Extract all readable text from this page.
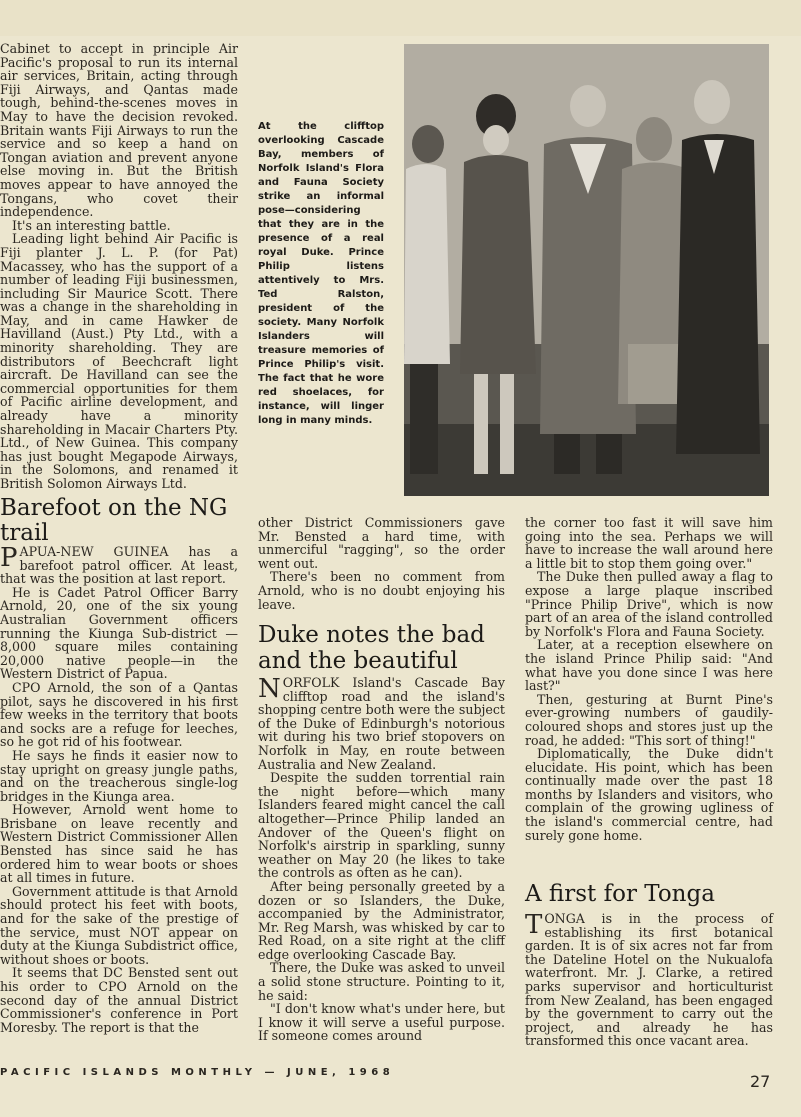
Cabinet to accept in principle Air Pacific's proposal to run its internal air services, Britain, acting through Fiji Airways, and Qantas made tough, behind-the-scenes moves in May to have the decision revoked. Britain wants Fiji Airways to run the service and so keep a hand on Tongan aviation and prevent anyone else moving in. But the British moves appear to have annoyed the Tongans, who covet their independence.

It's an interesting battle.

Leading light behind Air Pacific is Fiji planter J. L. P. (for Pat) Macassey, who has the support of a number of leading Fiji businessmen, including Sir Maurice Scott. There was a change in the shareholding in May, and in came Hawker de Havilland (Aust.) Pty Ltd., with a minority shareholding. They are distributors of Beechcraft light aircraft. De Havilland can see the commercial opportunities for them of Pacific airline development, and already have a minority shareholding in Macair Charters Pty. Ltd., of New Guinea. This company has just bought Megapode Airways, in the Solomons, and renamed it British Solomon Airways Ltd.

Barefoot on the NG trail

PAPUA-NEW GUINEA has a barefoot patrol officer. At least, that was the position at last report.

He is Cadet Patrol Officer Barry Arnold, 20, one of the six young Australian Government officers running the Kiunga Sub-district — 8,000 square miles containing 20,000 native people—in the Western District of Papua.

CPO Arnold, the son of a Qantas pilot, says he discovered in his first few weeks in the territory that boots and socks are a refuge for leeches, so he got rid of his footwear.

He says he finds it easier now to stay upright on greasy jungle paths, and on the treacherous single-log bridges in the Kiunga area.

However, Arnold went home to Brisbane on leave recently and Western District Commissioner Allen Bensted has since said he has ordered him to wear boots or shoes at all times in future.

Government attitude is that Arnold should protect his feet with boots, and for the sake of the prestige of the service, must NOT appear on duty at the Kiunga Subdistrict office, without shoes or boots.

It seems that DC Bensted sent out his order to CPO Arnold on the second day of the annual District Commissioner's conference in Port Moresby. The report is that the

At the clifftop overlooking Cascade Bay, members of Norfolk Island's Flora and Fauna Society strike an informal pose—considering that they are in the presence of a real royal Duke. Prince Philip listens attentively to Mrs. Ted Ralston, president of the society. Many Norfolk Islanders will treasure memories of Prince Philip's visit. The fact that he wore red shoelaces, for instance, will linger long in many minds.

other District Commissioners gave Mr. Bensted a hard time, with unmerciful "ragging", so the order went out.

There's been no comment from Arnold, who is no doubt enjoying his leave.

Duke notes the bad and the beautiful

NORFOLK Island's Cascade Bay clifftop road and the island's shopping centre both were the subject of the Duke of Edinburgh's notorious wit during his two brief stopovers on Norfolk in May, en route between Australia and New Zealand.

Despite the sudden torrential rain the night before—which many Islanders feared might cancel the call altogether—Prince Philip landed an Andover of the Queen's flight on Norfolk's airstrip in sparkling, sunny weather on May 20 (he likes to take the controls as often as he can).

After being personally greeted by a dozen or so Islanders, the Duke, accompanied by the Administrator, Mr. Reg Marsh, was whisked by car to Red Road, on a site right at the cliff edge overlooking Cascade Bay.

There, the Duke was asked to unveil a solid stone structure. Pointing to it, he said:

"I don't know what's under here, but I know it will serve a useful purpose. If someone comes around

the corner too fast it will save him going into the sea. Perhaps we will have to increase the wall around here a little bit to stop them going over."

The Duke then pulled away a flag to expose a large plaque inscribed "Prince Philip Drive", which is now part of an area of the island controlled by Norfolk's Flora and Fauna Society.

Later, at a reception elsewhere on the island Prince Philip said: "And what have you done since I was here last?"

Then, gesturing at Burnt Pine's ever-growing numbers of gaudily-coloured shops and stores just up the road, he added: "This sort of thing!"

Diplomatically, the Duke didn't elucidate. His point, which has been continually made over the past 18 months by Islanders and visitors, who complain of the growing ugliness of the island's commercial centre, had surely gone home.

A first for Tonga

TONGA is in the process of establishing its first botanical garden. It is of six acres not far from the Dateline Hotel on the Nukualofa waterfront. Mr. J. Clarke, a retired parks supervisor and horticulturist from New Zealand, has been engaged by the government to carry out the project, and already he has transformed this once vacant area.

PACIFIC ISLANDS MONTHLY — JUNE, 1968	27
